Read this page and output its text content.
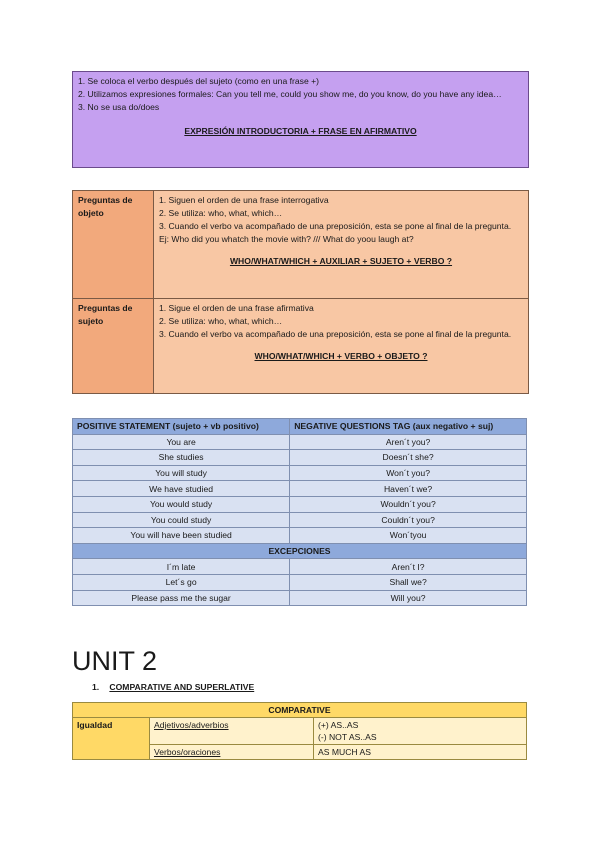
1. Se coloca el verbo después del sujeto (como en una frase +)
2. Utilizamos expresiones formales: Can you tell me, could you show me, do you know, do you have any idea…
3. No se usa do/does
EXPRESIÓN INTRODUCTORIA + FRASE EN AFIRMATIVO
Preguntas de objeto	1. Siguen el orden de una frase interrogativa
2. Se utiliza: who, what, which…
3. Cuando el verbo va acompañado de una preposición, esta se pone al final de la pregunta.
Ej: Who did you whatch the movie with? /// What do yoou laugh at?
WHO/WHAT/WHICH + AUXILIAR + SUJETO + VERBO ?

Preguntas de sujeto	1. Sigue el orden de una frase afirmativa
2. Se utiliza: who, what, which…
3. Cuando el verbo va acompañado de una preposición, esta se pone al final de la pregunta.
WHO/WHAT/WHICH + VERBO + OBJETO ?
POSITIVE STATEMENT (sujeto + vb positivo)	NEGATIVE QUESTIONS TAG (aux negativo + suj)
You are	Aren´t you?
She studies	Doesn´t she?
You will study	Won´t you?
We have studied	Haven´t we?
You would study	Wouldn´t you?
You could study	Couldn´t you?
You will have been studied	Won´tyou
EXCEPCIONES	
I´m late	Aren´t I?
Let´s go	Shall we?
Please pass me the sugar	Will you?
UNIT 2
1. COMPARATIVE AND SUPERLATIVE
COMPARATIVE		
Igualdad	Adjetivos/adverbios	(+) AS..AS
(-) NOT AS..AS

	Verbos/oraciones	AS MUCH AS
